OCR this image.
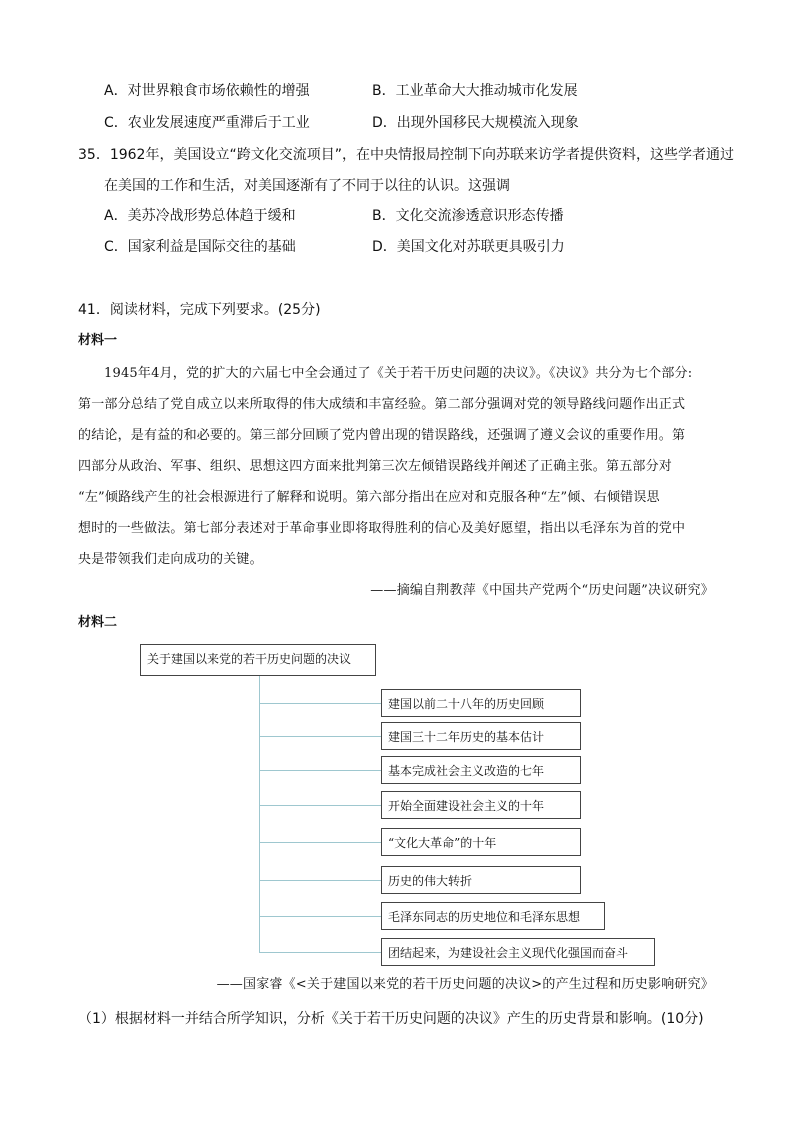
A．对世界粮食市场依赖性的增强	B．工业革命大大推动城市化发展
C．农业发展速度严重滞后于工业	D．出现外国移民大规模流入现象
35．1962年，美国设立“跨文化交流项目”，在中央情报局控制下向苏联来访学者提供资料，这些学者通过
在美国的工作和生活，对美国逐渐有了不同于以往的认识。这强调
A．美苏冷战形势总体趋于缓和	B．文化交流渗透意识形态传播
C．国家利益是国际交往的基础	D．美国文化对苏联更具吸引力
41．阅读材料，完成下列要求。(25分)
材料一
1945年4月，党的扩大的六届七中全会通过了《关于若干历史问题的决议》。《决议》共分为七个部分:
第一部分总结了党自成立以来所取得的伟大成绩和丰富经验。第二部分强调对党的领导路线问题作出正式
的结论，是有益的和必要的。第三部分回顾了党内曾出现的错误路线，还强调了遵义会议的重要作用。第
四部分从政治、军事、组织、思想这四方面来批判第三次左倾错误路线并阐述了正确主张。第五部分对
“左”倾路线产生的社会根源进行了解释和说明。第六部分指出在应对和克服各种“左”倾、右倾错误思
想时的一些做法。第七部分表述对于革命事业即将取得胜利的信心及美好愿望，指出以毛泽东为首的党中
央是带领我们走向成功的关键。
——摘编自荆教萍《中国共产党两个“历史问题”决议研究》
材料二
关于建国以来党的若干历史问题的决议
建国以前二十八年的历史回顾
建国三十二年历史的基本估计
基本完成社会主义改造的七年
开始全面建设社会主义的十年
“文化大革命”的十年
历史的伟大转折
毛泽东同志的历史地位和毛泽东思想
团结起来，为建设社会主义现代化强国而奋斗
——国家睿《<关于建国以来党的若干历史问题的决议>的产生过程和历史影响研究》
（1）根据材料一并结合所学知识，分析《关于若干历史问题的决议》产生的历史背景和影响。(10分)
